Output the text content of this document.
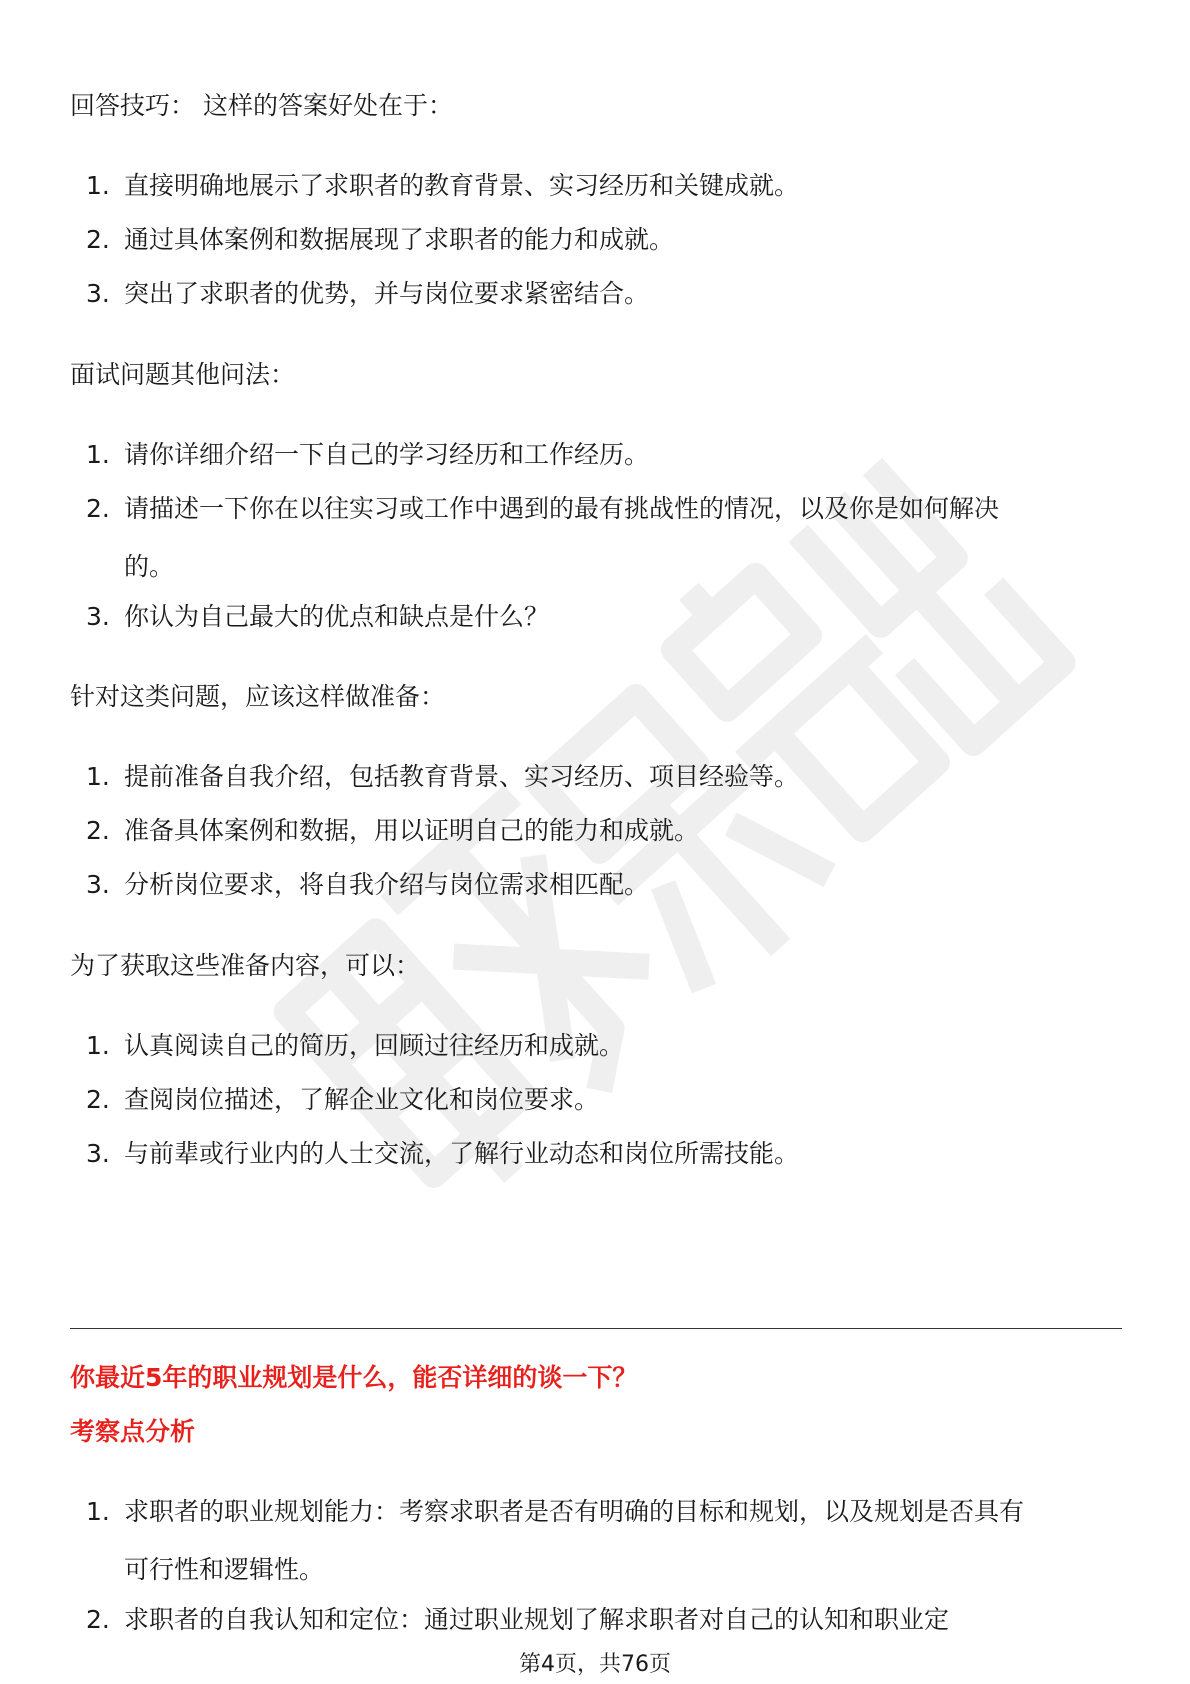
回答技巧： 这样的答案好处在于：
1. 直接明确地展示了求职者的教育背景、实习经历和关键成就。
2. 通过具体案例和数据展现了求职者的能力和成就。
3. 突出了求职者的优势，并与岗位要求紧密结合。
面试问题其他问法：
1. 请你详细介绍一下自己的学习经历和工作经历。
2. 请描述一下你在以往实习或工作中遇到的最有挑战性的情况，以及你是如何解决的。
3. 你认为自己最大的优点和缺点是什么？
针对这类问题，应该这样做准备：
1. 提前准备自我介绍，包括教育背景、实习经历、项目经验等。
2. 准备具体案例和数据，用以证明自己的能力和成就。
3. 分析岗位要求，将自我介绍与岗位需求相匹配。
为了获取这些准备内容，可以：
1. 认真阅读自己的简历，回顾过往经历和成就。
2. 查阅岗位描述，了解企业文化和岗位要求。
3. 与前辈或行业内的人士交流，了解行业动态和岗位所需技能。
你最近5年的职业规划是什么，能否详细的谈一下？
考察点分析
1. 求职者的职业规划能力：考察求职者是否有明确的目标和规划，以及规划是否具有可行性和逻辑性。
2. 求职者的自我认知和定位：通过职业规划了解求职者对自己的认知和职业定
第4页，共76页
